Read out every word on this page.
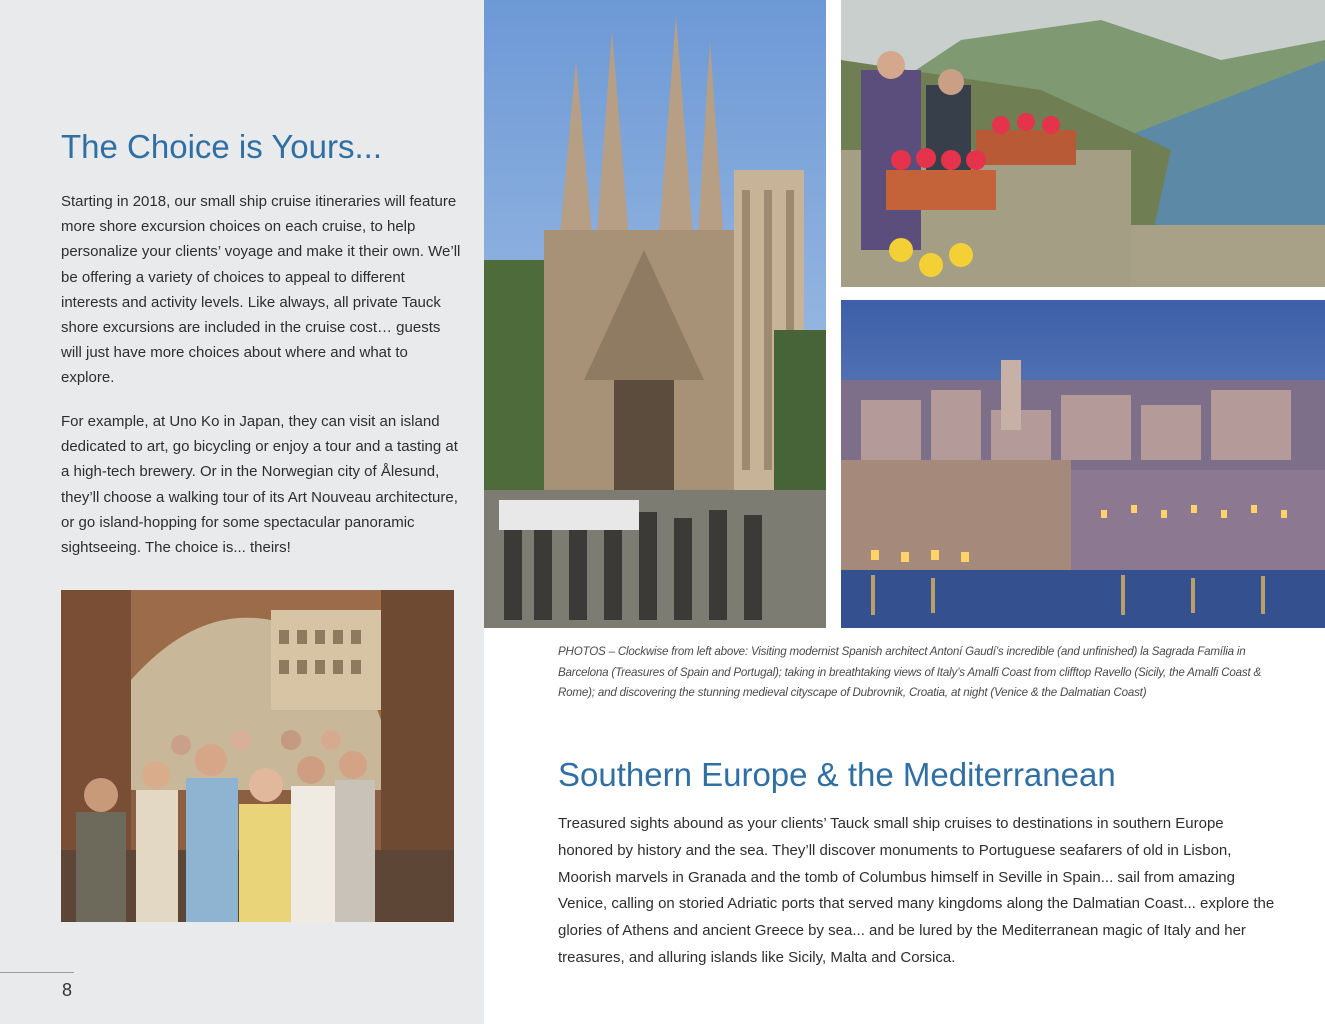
The Choice is Yours...

Starting in 2018, our small ship cruise itineraries will feature more shore excursion choices on each cruise, to help personalize your clients’ voyage and make it their own. We’ll be offering a variety of choices to appeal to different interests and activity levels. Like always, all private Tauck shore excursions are included in the cruise cost… guests will just have more choices about where and what to explore.

For example, at Uno Ko in Japan, they can visit an island dedicated to art, go bicycling or enjoy a tour and a tasting at a high-tech brewery. Or in the Norwegian city of Ålesund, they’ll choose a walking tour of its Art Nouveau architecture, or go island-hopping for some spectacular panoramic sightseeing. The choice is... theirs!

PHOTOS – Clockwise from left above: Visiting modernist Spanish architect Antoní Gaudí’s incredible (and unfinished) la Sagrada Família in Barcelona (Treasures of Spain and Portugal); taking in breathtaking views of Italy’s Amalfi Coast from clifftop Ravello (Sicily, the Amalfi Coast & Rome); and discovering the stunning medieval cityscape of Dubrovnik, Croatia, at night (Venice & the Dalmatian Coast)

Southern Europe & the Mediterranean

Treasured sights abound as your clients’ Tauck small ship cruises to destinations in southern Europe honored by history and the sea. They’ll discover monuments to Portuguese seafarers of old in Lisbon, Moorish marvels in Granada and the tomb of Columbus himself in Seville in Spain... sail from amazing Venice, calling on storied Adriatic ports that served many kingdoms along the Dalmatian Coast... explore the glories of Athens and ancient Greece by sea... and be lured by the Mediterranean magic of Italy and her treasures, and alluring islands like Sicily, Malta and Corsica.

8
